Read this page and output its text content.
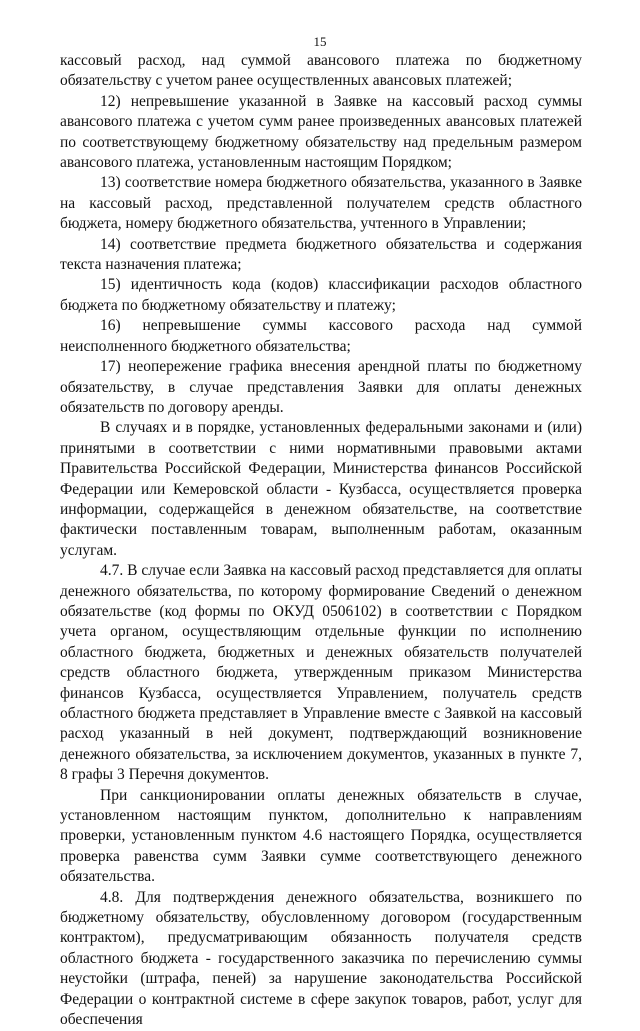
15

кассовый расход, над суммой авансового платежа по бюджетному обязательству с учетом ранее осуществленных авансовых платежей;

12) непревышение указанной в Заявке на кассовый расход суммы авансового платежа с учетом сумм ранее произведенных авансовых платежей по соответствующему бюджетному обязательству над предельным размером авансового платежа, установленным настоящим Порядком;

13) соответствие номера бюджетного обязательства, указанного в Заявке на кассовый расход, представленной получателем средств областного бюджета, номеру бюджетного обязательства, учтенного в Управлении;

14) соответствие предмета бюджетного обязательства и содержания текста назначения платежа;

15) идентичность кода (кодов) классификации расходов областного бюджета по бюджетному обязательству и платежу;

16) непревышение суммы кассового расхода над суммой неисполненного бюджетного обязательства;

17) неопережение графика внесения арендной платы по бюджетному обязательству, в случае представления Заявки для оплаты денежных обязательств по договору аренды.

В случаях и в порядке, установленных федеральными законами и (или) принятыми в соответствии с ними нормативными правовыми актами Правительства Российской Федерации, Министерства финансов Российской Федерации или Кемеровской области - Кузбасса, осуществляется проверка информации, содержащейся в денежном обязательстве, на соответствие фактически поставленным товарам, выполненным работам, оказанным услугам.

4.7. В случае если Заявка на кассовый расход представляется для оплаты денежного обязательства, по которому формирование Сведений о денежном обязательстве (код формы по ОКУД 0506102) в соответствии с Порядком учета органом, осуществляющим отдельные функции по исполнению областного бюджета, бюджетных и денежных обязательств получателей средств областного бюджета, утвержденным приказом Министерства финансов Кузбасса, осуществляется Управлением, получатель средств областного бюджета представляет в Управление вместе с Заявкой на кассовый расход указанный в ней документ, подтверждающий возникновение денежного обязательства, за исключением документов, указанных в пункте 7, 8 графы 3 Перечня документов.

При санкционировании оплаты денежных обязательств в случае, установленном настоящим пунктом, дополнительно к направлениям проверки, установленным пунктом 4.6 настоящего Порядка, осуществляется проверка равенства сумм Заявки сумме соответствующего денежного обязательства.

4.8. Для подтверждения денежного обязательства, возникшего по бюджетному обязательству, обусловленному договором (государственным контрактом), предусматривающим обязанность получателя средств областного бюджета - государственного заказчика по перечислению суммы неустойки (штрафа, пеней) за нарушение законодательства Российской Федерации о контрактной системе в сфере закупок товаров, работ, услуг для обеспечения
